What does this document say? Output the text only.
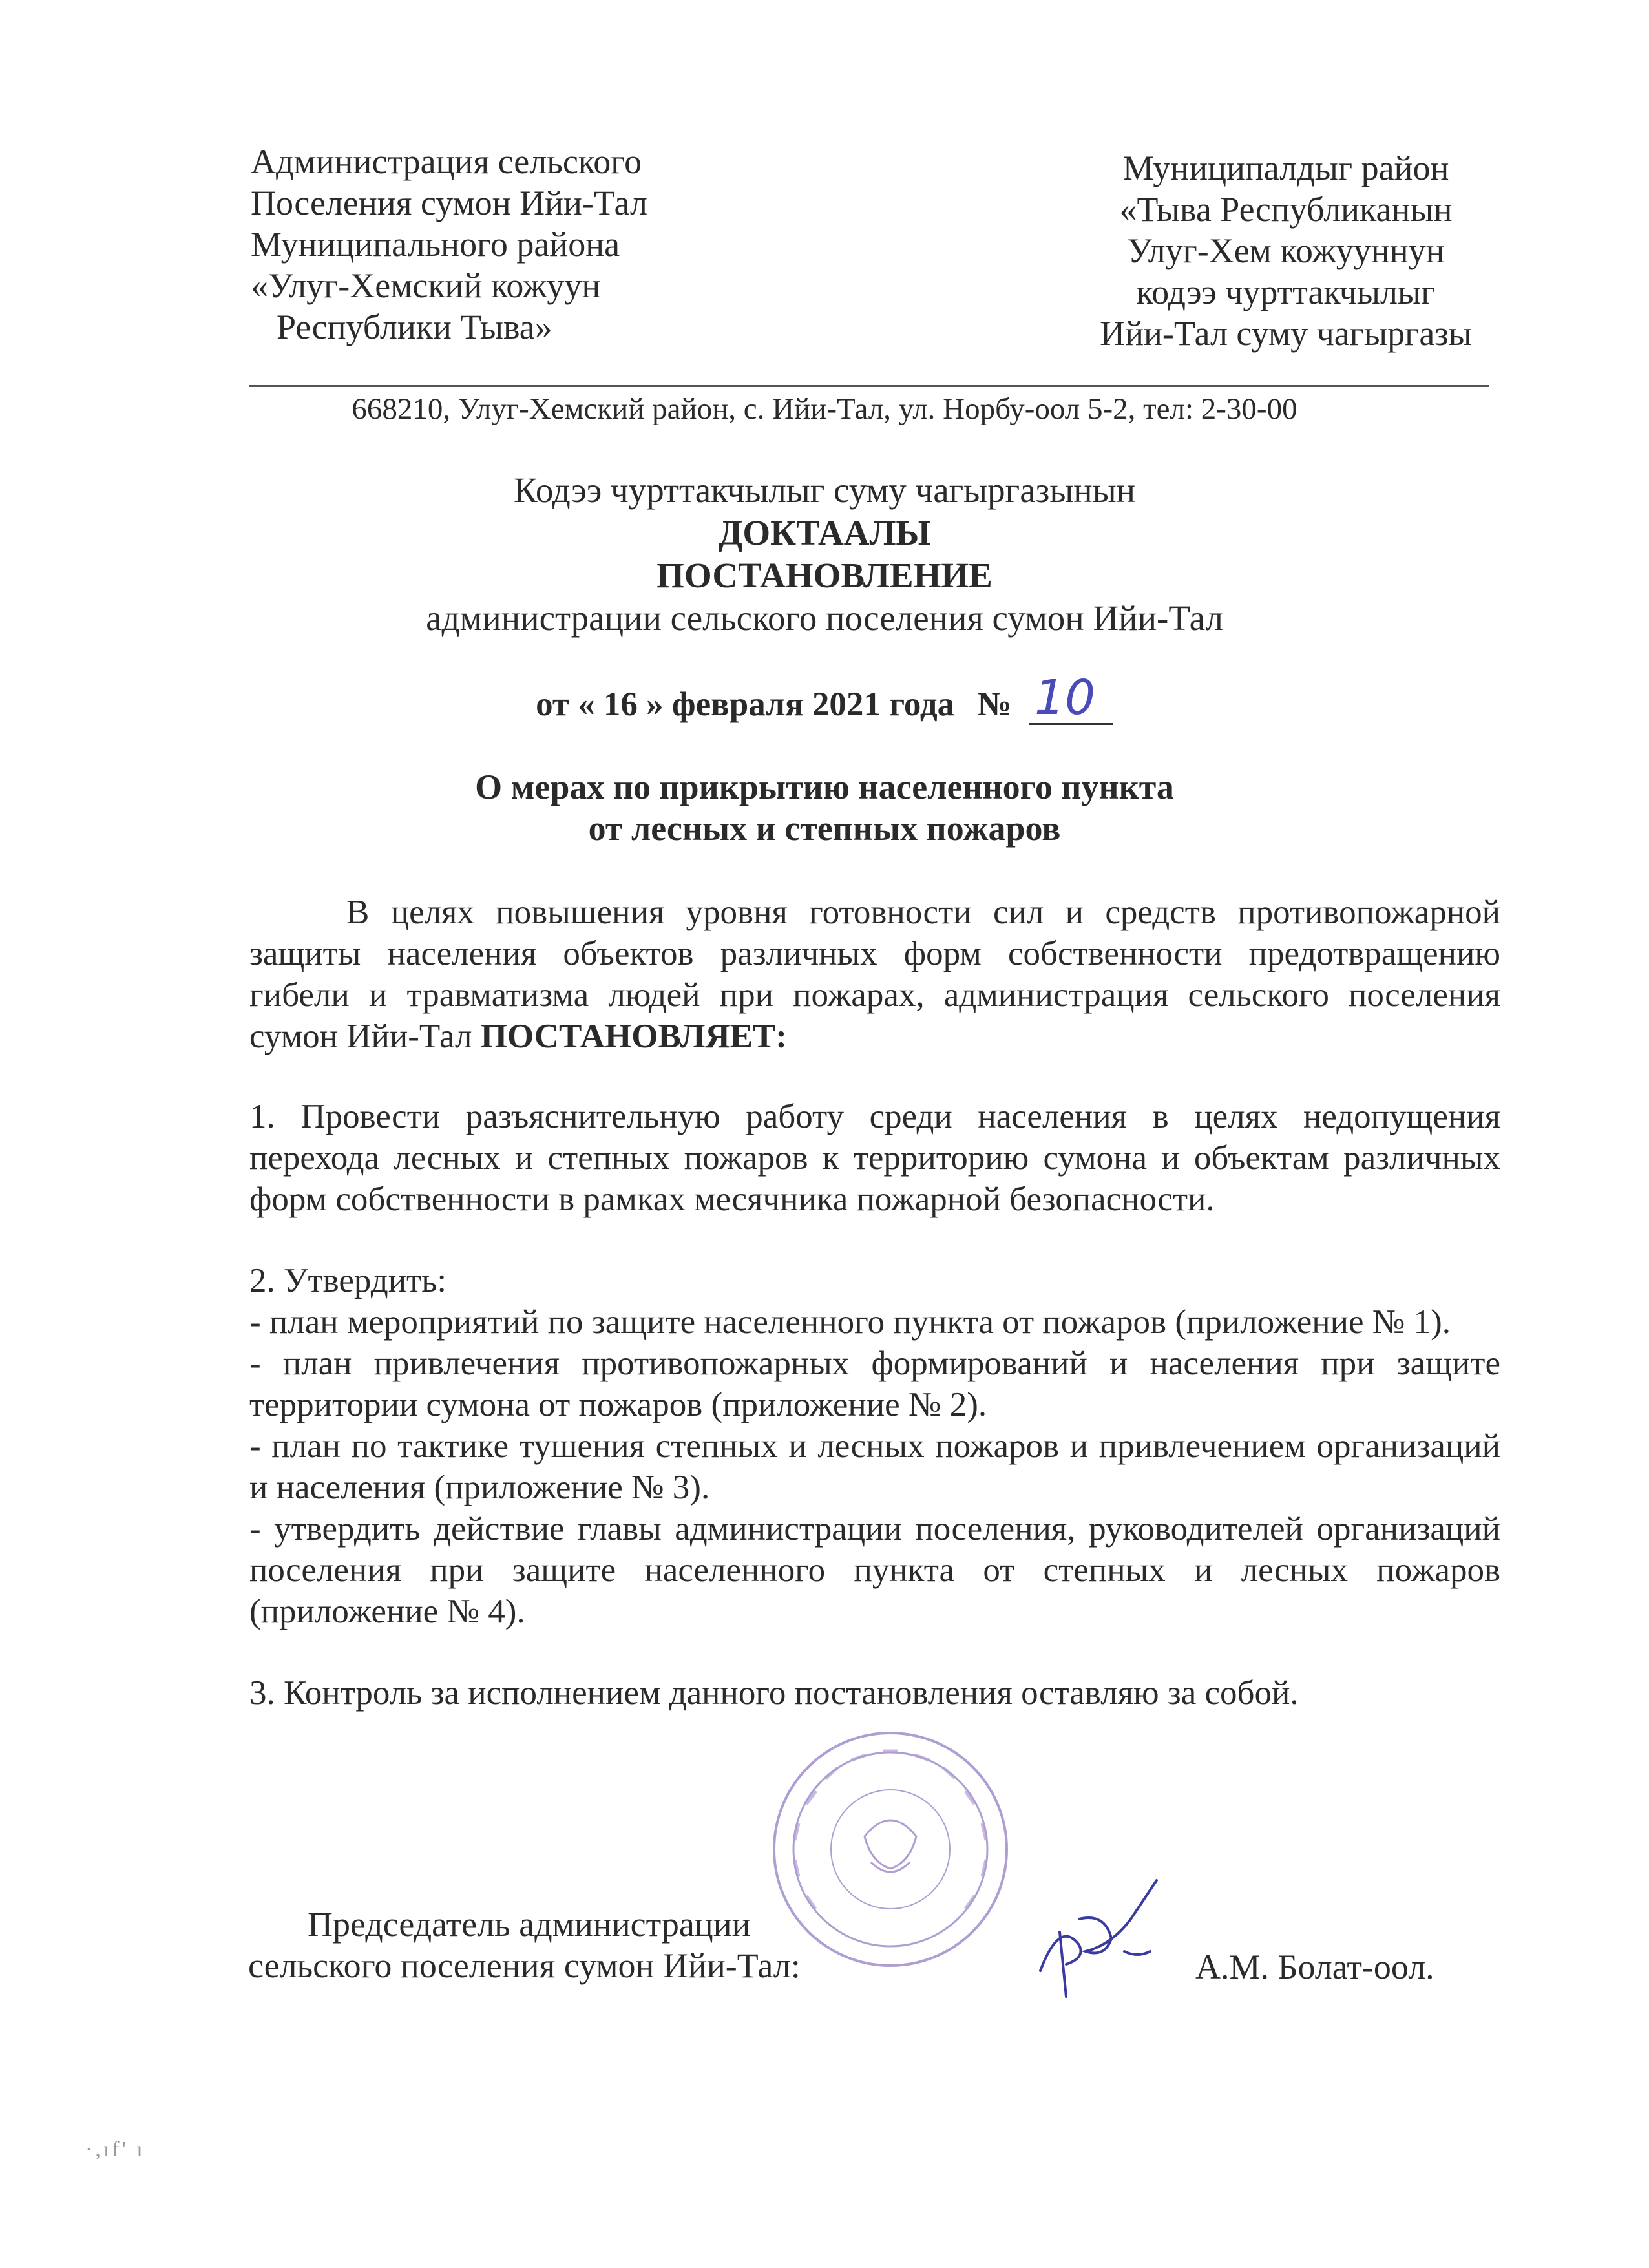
Администрация сельского
Поселения сумон Ийи-Тал
Муниципального района
«Улуг-Хемский кожуун
Республики Тыва»
Муниципалдыг район
«Тыва Республиканын
Улуг-Хем кожууннун
кодээ чурттакчылыг
Ийи-Тал суму чагыргазы
668210, Улуг-Хемский район, с. Ийи-Тал, ул. Норбу-оол 5-2, тел: 2-30-00
Кодээ чурттакчылыг суму чагыргазынын
ДОКТААЛЫ
ПОСТАНОВЛЕНИЕ
администрации сельского поселения сумон Ийи-Тал
от « 16 » февраля 2021 года № 10
О мерах по прикрытию населенного пункта
от лесных и степных пожаров

В целях повышения уровня готовности сил и средств противопожарной защиты населения объектов различных форм собственности предотвращению гибели и травматизма людей при пожарах, администрация сельского поселения сумон Ийи-Тал ПОСТАНОВЛЯЕТ:

1. Провести разъяснительную работу среди населения в целях недопущения перехода лесных и степных пожаров к территорию сумона и объектам различных форм собственности в рамках месячника пожарной безопасности.

2. Утвердить:

- план мероприятий по защите населенного пункта от пожаров (приложение № 1).

- план привлечения противопожарных формирований и населения при защите территории сумона от пожаров (приложение № 2).

- план по тактике тушения степных и лесных пожаров и привлечением организаций и населения (приложение № 3).

- утвердить действие главы администрации поселения, руководителей организаций поселения при защите населенного пункта от степных и лесных пожаров (приложение № 4).

3. Контроль за исполнением данного постановления оставляю за собой.

Председатель администрации
сельского поселения сумон Ийи-Тал:	А.М. Болат-оол.
·,ıf' ı
